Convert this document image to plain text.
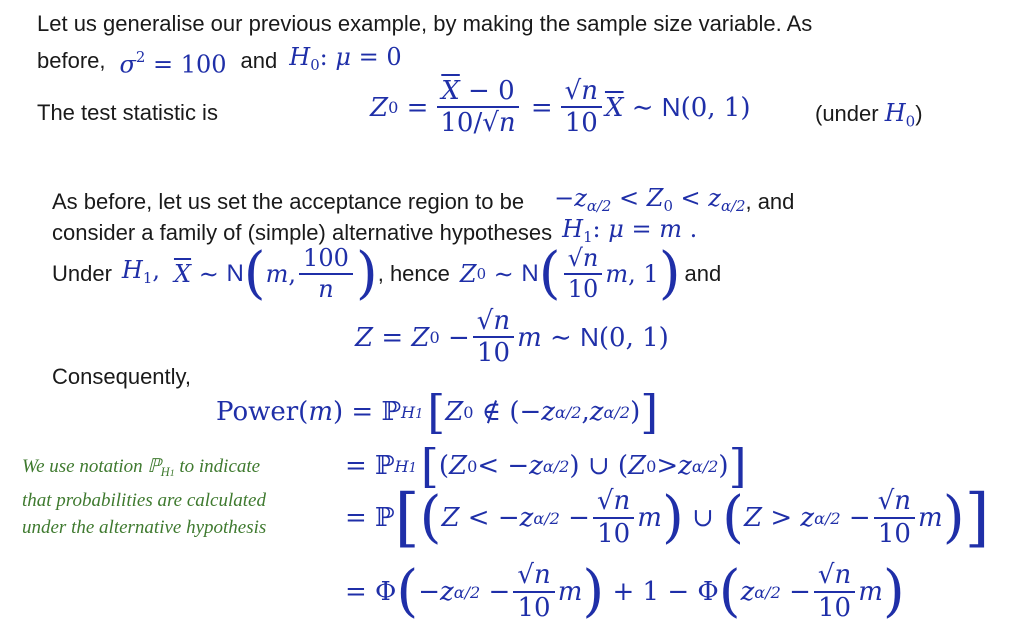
Let us generalise our previous example, by making the sample size variable. As
before, $\sigma^2 = 100$ and $H_0$: μ = 0
The test statistic is	Z $0 = \frac{\overline{X} - 0}{10/√n} = \frac{√n}{10} \overline{X}$ ∼ N (0, 1)	(under $H_0$)
As before, let us set the acceptance region to be $-z_{\alpha/2} < Z_0 < z_{\alpha/2}$ , and
consider a family of (simple) alternative hypotheses $H_1$: μ = m .
Under $H_1$, $\overline{X}$ ∼ N ( m , $\frac{100}{n}$ ) , hence Z 0 ∼ N ( $\frac{√n}{10}$ m , 1 ) and
Z = Z $0 - \frac{√n}{10}$ m ∼ N (0, 1)
Consequently,
Power ( m ) = ℙ H1 [ Z 0 ∉ (− z α/2 , z α/2 ) ]
We use notation ℙH1 to indicate
that probabilities are calculated
under the alternative hypothesis
= ℙ H1 [ ( Z 0 < − z α/2 ) ∪ ( Z 0 > z α/2 ) ]
= ℙ [ ( Z < − z $\alpha/2 - \frac{√n}{10}$ m ) ∪ ( Z > z $\alpha/2 - \frac{√n}{10}$ m ) ]
= Φ ( − z $\alpha/2 - \frac{√n}{10}$ m ) + 1 − Φ ( z $\alpha/2 - \frac{√n}{10}$ m )
